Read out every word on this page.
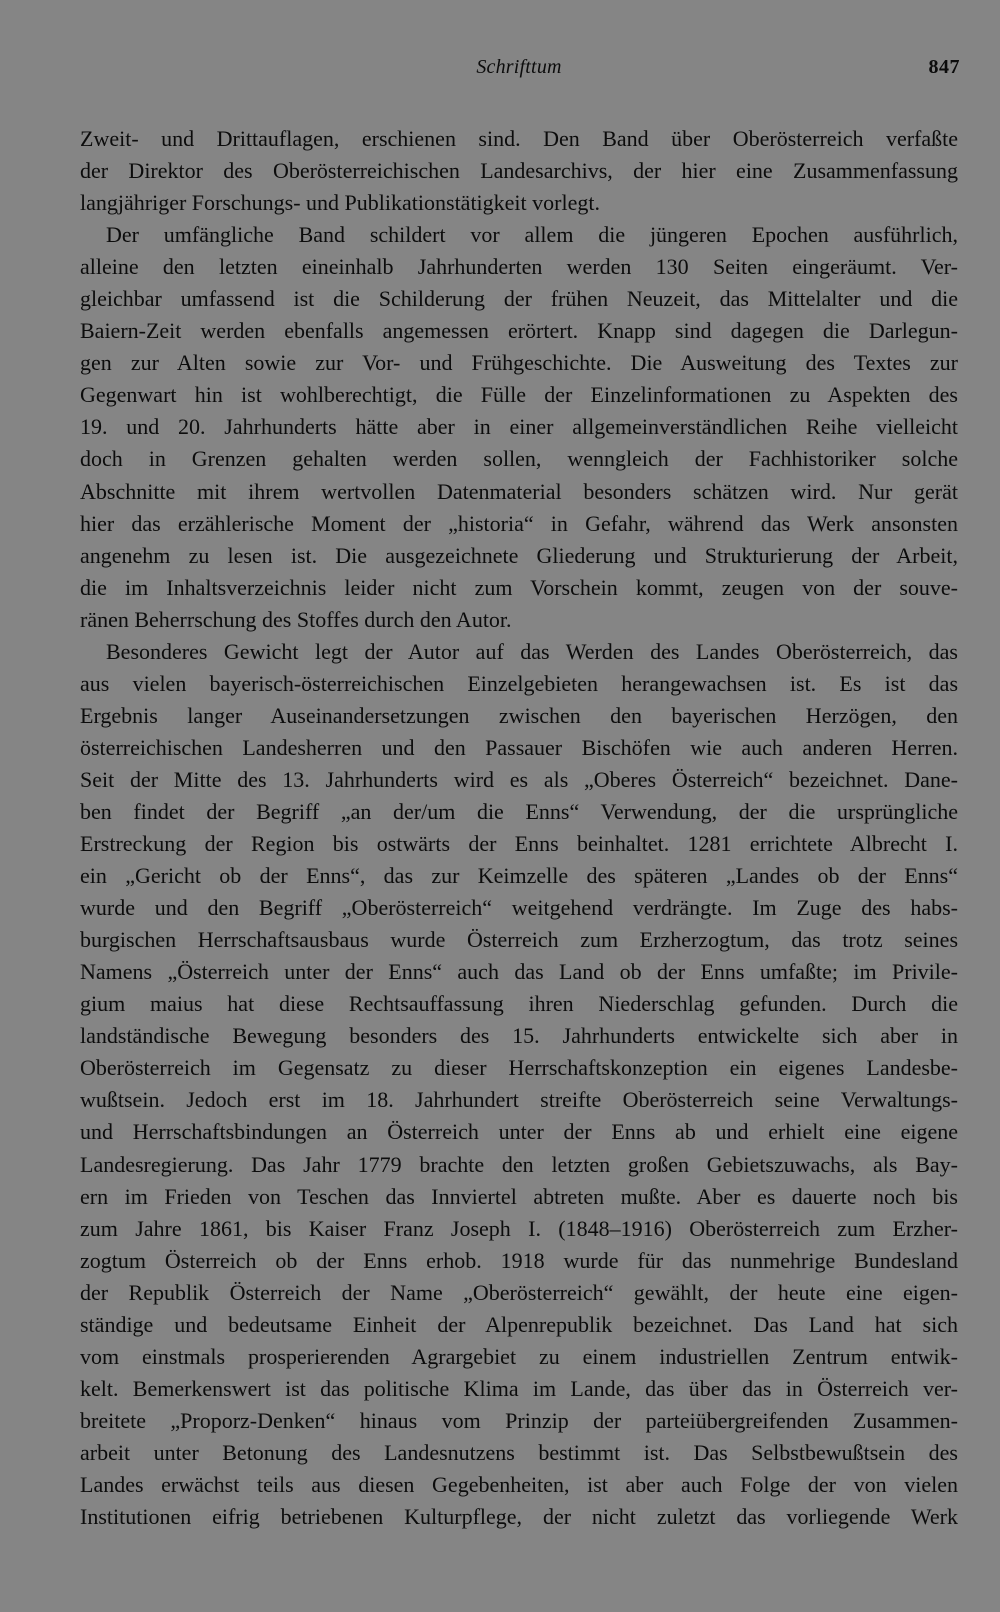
Schrifttum	847
Zweit- und Drittauflagen, erschienen sind. Den Band über Oberösterreich verfaßte
der Direktor des Oberösterreichischen Landesarchivs, der hier eine Zusammenfassung
langjähriger Forschungs- und Publikationstätigkeit vorlegt.
Der umfängliche Band schildert vor allem die jüngeren Epochen ausführlich,
alleine den letzten eineinhalb Jahrhunderten werden 130 Seiten eingeräumt. Ver-
gleichbar umfassend ist die Schilderung der frühen Neuzeit, das Mittelalter und die
Baiern-Zeit werden ebenfalls angemessen erörtert. Knapp sind dagegen die Darlegun-
gen zur Alten sowie zur Vor- und Frühgeschichte. Die Ausweitung des Textes zur
Gegenwart hin ist wohlberechtigt, die Fülle der Einzelinformationen zu Aspekten des
19. und 20. Jahrhunderts hätte aber in einer allgemeinverständlichen Reihe vielleicht
doch in Grenzen gehalten werden sollen, wenngleich der Fachhistoriker solche
Abschnitte mit ihrem wertvollen Datenmaterial besonders schätzen wird. Nur gerät
hier das erzählerische Moment der „historia“ in Gefahr, während das Werk ansonsten
angenehm zu lesen ist. Die ausgezeichnete Gliederung und Strukturierung der Arbeit,
die im Inhaltsverzeichnis leider nicht zum Vorschein kommt, zeugen von der souve-
ränen Beherrschung des Stoffes durch den Autor.
Besonderes Gewicht legt der Autor auf das Werden des Landes Oberösterreich, das
aus vielen bayerisch-österreichischen Einzelgebieten herangewachsen ist. Es ist das
Ergebnis langer Auseinandersetzungen zwischen den bayerischen Herzögen, den
österreichischen Landesherren und den Passauer Bischöfen wie auch anderen Herren.
Seit der Mitte des 13. Jahrhunderts wird es als „Oberes Österreich“ bezeichnet. Dane-
ben findet der Begriff „an der/um die Enns“ Verwendung, der die ursprüngliche
Erstreckung der Region bis ostwärts der Enns beinhaltet. 1281 errichtete Albrecht I.
ein „Gericht ob der Enns“, das zur Keimzelle des späteren „Landes ob der Enns“
wurde und den Begriff „Oberösterreich“ weitgehend verdrängte. Im Zuge des habs-
burgischen Herrschaftsausbaus wurde Österreich zum Erzherzogtum, das trotz seines
Namens „Österreich unter der Enns“ auch das Land ob der Enns umfaßte; im Privile-
gium maius hat diese Rechtsauffassung ihren Niederschlag gefunden. Durch die
landständische Bewegung besonders des 15. Jahrhunderts entwickelte sich aber in
Oberösterreich im Gegensatz zu dieser Herrschaftskonzeption ein eigenes Landesbe-
wußtsein. Jedoch erst im 18. Jahrhundert streifte Oberösterreich seine Verwaltungs-
und Herrschaftsbindungen an Österreich unter der Enns ab und erhielt eine eigene
Landesregierung. Das Jahr 1779 brachte den letzten großen Gebietszuwachs, als Bay-
ern im Frieden von Teschen das Innviertel abtreten mußte. Aber es dauerte noch bis
zum Jahre 1861, bis Kaiser Franz Joseph I. (1848–1916) Oberösterreich zum Erzher-
zogtum Österreich ob der Enns erhob. 1918 wurde für das nunmehrige Bundesland
der Republik Österreich der Name „Oberösterreich“ gewählt, der heute eine eigen-
ständige und bedeutsame Einheit der Alpenrepublik bezeichnet. Das Land hat sich
vom einstmals prosperierenden Agrargebiet zu einem industriellen Zentrum entwik-
kelt. Bemerkenswert ist das politische Klima im Lande, das über das in Österreich ver-
breitete „Proporz-Denken“ hinaus vom Prinzip der parteiübergreifenden Zusammen-
arbeit unter Betonung des Landesnutzens bestimmt ist. Das Selbstbewußtsein des
Landes erwächst teils aus diesen Gegebenheiten, ist aber auch Folge der von vielen
Institutionen eifrig betriebenen Kulturpflege, der nicht zuletzt das vorliegende Werk
